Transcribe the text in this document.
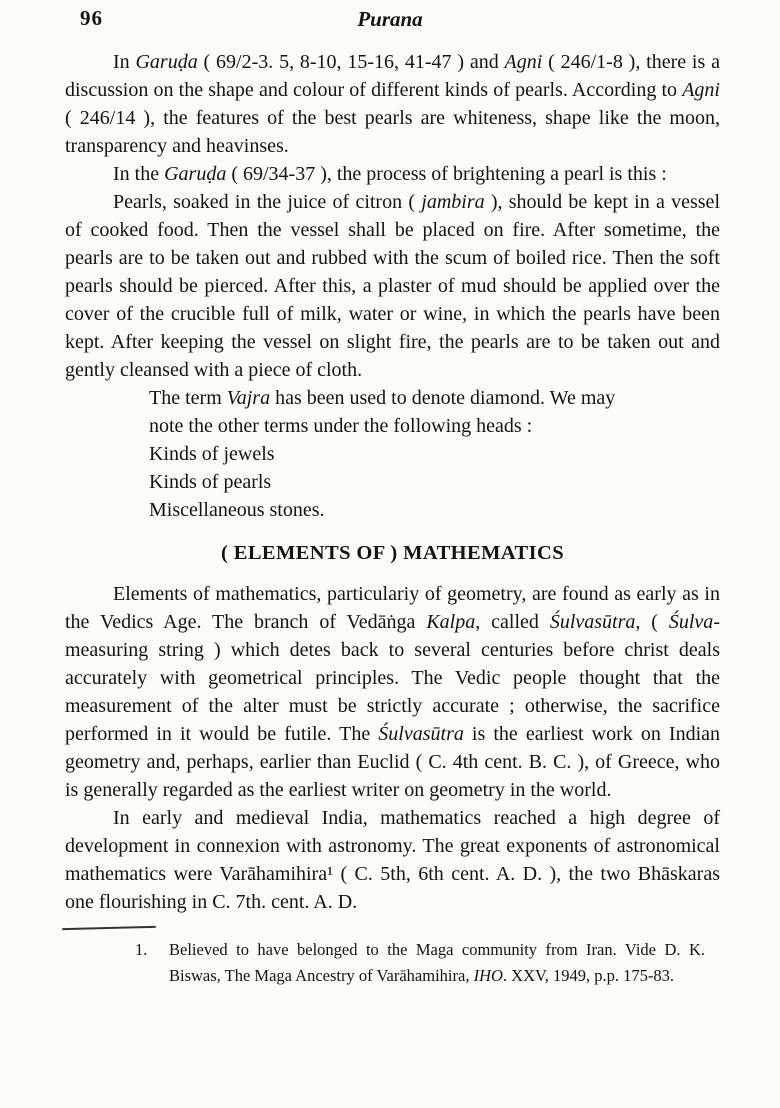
96	Purana

In Garuḍa ( 69/2-3. 5, 8-10, 15-16, 41-47 ) and Agni ( 246/1-8 ), there is a discussion on the shape and colour of different kinds of pearls. According to Agni ( 246/14 ), the features of the best pearls are whiteness, shape like the moon, transparency and heavinses.

In the Garuḍa ( 69/34-37 ), the process of brightening a pearl is this :

Pearls, soaked in the juice of citron ( jambira ), should be kept in a vessel of cooked food. Then the vessel shall be placed on fire. After sometime, the pearls are to be taken out and rubbed with the scum of boiled rice. Then the soft pearls should be pierced. After this, a plaster of mud should be applied over the cover of the crucible full of milk, water or wine, in which the pearls have been kept. After keeping the vessel on slight fire, the pearls are to be taken out and gently cleansed with a piece of cloth.

The term Vajra has been used to denote diamond. We may
note the other terms under the following heads :

Kinds of jewels
Kinds of pearls
Miscellaneous stones.
( ELEMENTS OF ) MATHEMATICS

Elements of mathematics, particulariy of geometry, are found as early as in the Vedics Age. The branch of Vedāṅga Kalpa, called Śulvasūtra, ( Śulva-measuring string ) which detes back to several centuries before christ deals accurately with geometrical principles. The Vedic people thought that the measurement of the alter must be strictly accurate ; otherwise, the sacrifice performed in it would be futile. The Śulvasūtra is the earliest work on Indian geometry and, perhaps, earlier than Euclid ( C. 4th cent. B. C. ), of Greece, who is generally regarded as the earliest writer on geometry in the world.

In early and medieval India, mathematics reached a high degree of development in connexion with astronomy. The great exponents of astronomical mathematics were Varāhamihira¹ ( C. 5th, 6th cent. A. D. ), the two Bhāskaras one flourishing in C. 7th. cent. A. D.

1.	Believed to have belonged to the Maga community from Iran. Vide D. K. Biswas, The Maga Ancestry of Varāhamihira, IHO. XXV, 1949, p.p. 175-83.
